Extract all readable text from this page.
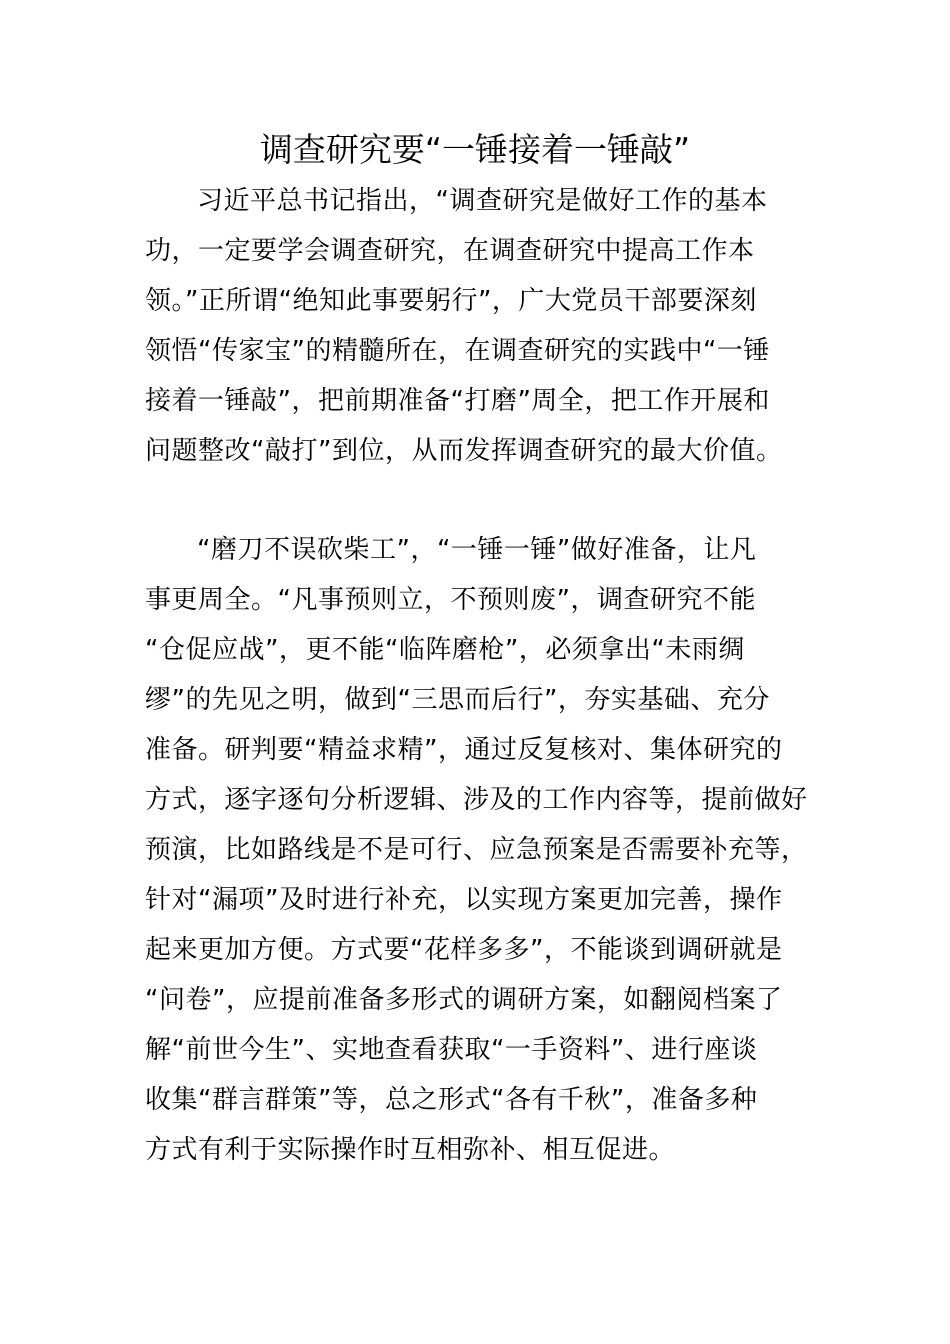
调查研究要“一锤接着一锤敲”
习近平总书记指出，“调查研究是做好工作的基本
功，一定要学会调查研究，在调查研究中提高工作本
领。”正所谓“绝知此事要躬行”，广大党员干部要深刻
领悟“传家宝”的精髓所在，在调查研究的实践中“一锤
接着一锤敲”，把前期准备“打磨”周全，把工作开展和
问题整改“敲打”到位，从而发挥调查研究的最大价值。
“磨刀不误砍柴工”，“一锤一锤”做好准备，让凡
事更周全。“凡事预则立，不预则废”，调查研究不能
“仓促应战”，更不能“临阵磨枪”，必须拿出“未雨绸
缪”的先见之明，做到“三思而后行”，夯实基础、充分
准备。研判要“精益求精”，通过反复核对、集体研究的
方式，逐字逐句分析逻辑、涉及的工作内容等，提前做好
预演，比如路线是不是可行、应急预案是否需要补充等，
针对“漏项”及时进行补充，以实现方案更加完善，操作
起来更加方便。方式要“花样多多”，不能谈到调研就是
“问卷”，应提前准备多形式的调研方案，如翻阅档案了
解“前世今生”、实地查看获取“一手资料”、进行座谈
收集“群言群策”等，总之形式“各有千秋”，准备多种
方式有利于实际操作时互相弥补、相互促进。
